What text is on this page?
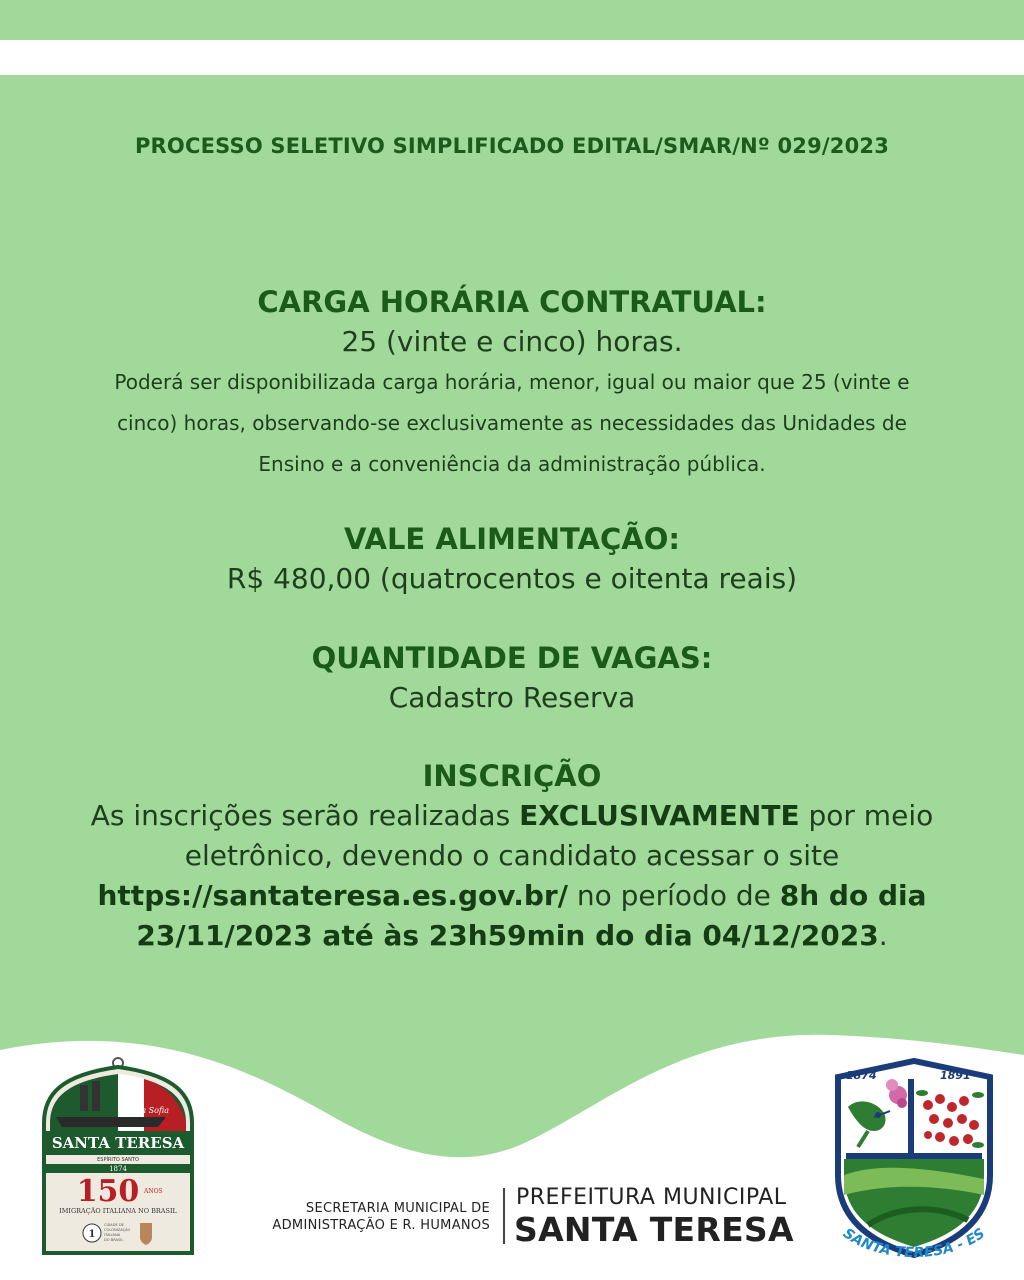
PROCESSO SELETIVO SIMPLIFICADO EDITAL/SMAR/Nº 029/2023
CARGA HORÁRIA CONTRATUAL:
25 (vinte e cinco) horas.
Poderá ser disponibilizada carga horária, menor, igual ou maior que 25 (vinte e
cinco) horas, observando-se exclusivamente as necessidades das Unidades de
Ensino e a conveniência da administração pública.
VALE ALIMENTAÇÃO:
R$ 480,00 (quatrocentos e oitenta reais)
QUANTIDADE DE VAGAS:
Cadastro Reserva
INSCRIÇÃO
As inscrições serão realizadas EXCLUSIVAMENTE por meio
eletrônico, devendo o candidato acessar o site
https://santateresa.es.gov.br/ no período de 8h do dia
23/11/2023 até às 23h59min do dia 04/12/2023.
La Sofia
SANTA TERESA
ESPÍRITO SANTO
1874
150 ANOS
IMIGRAÇÃO ITALIANA NO BRASIL
1
CIDADE DE
COLONIZAÇÃO
ITALIANA
DO BRASIL
SECRETARIA MUNICIPAL DE
ADMINISTRAÇÃO E R. HUMANOS
PREFEITURA MUNICIPAL
SANTA TERESA
1874	1891
SANTA TERESA - ES
